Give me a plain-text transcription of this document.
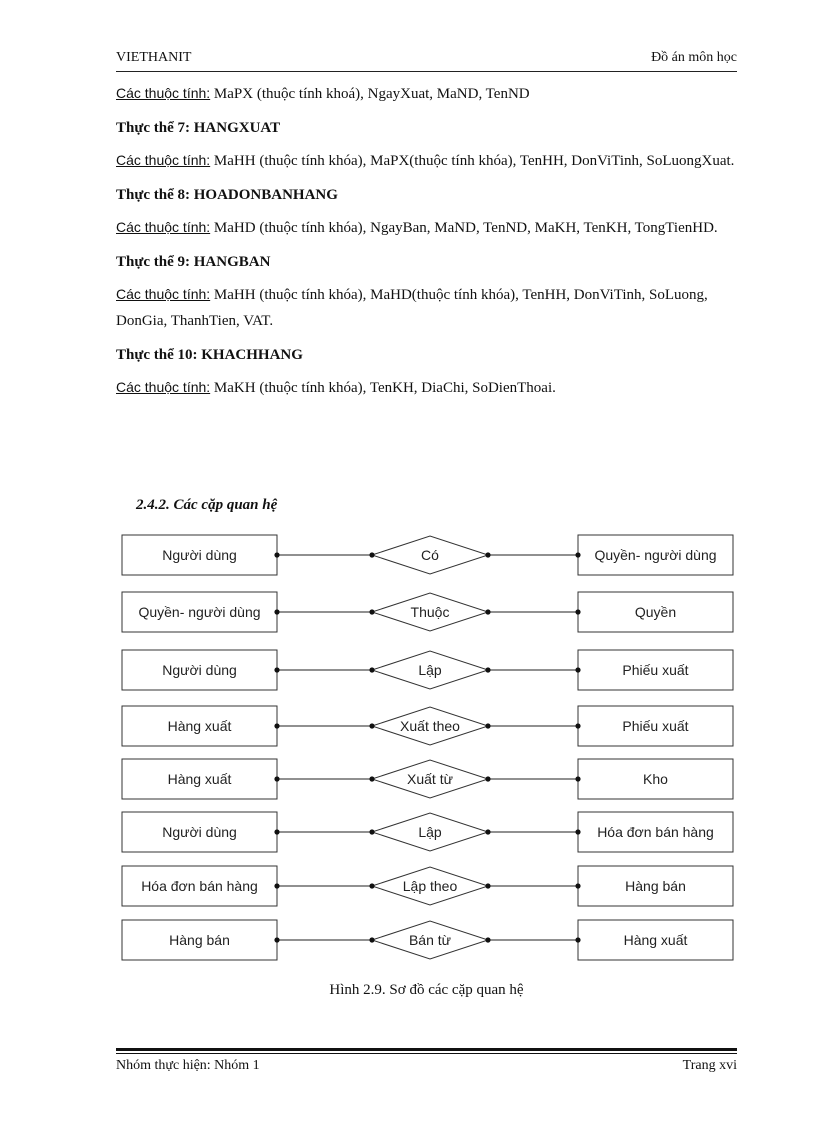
VIETHANIT	Đồ án môn học

Các thuộc tính: MaPX (thuộc tính khoá), NgayXuat, MaND, TenND

Thực thể 7: HANGXUAT

Các thuộc tính: MaHH (thuộc tính khóa), MaPX(thuộc tính khóa), TenHH, DonViTinh, SoLuongXuat.

Thực thể 8: HOADONBANHANG

Các thuộc tính: MaHD (thuộc tính khóa), NgayBan, MaND, TenND, MaKH, TenKH, TongTienHD.

Thực thể 9: HANGBAN

Các thuộc tính: MaHH (thuộc tính khóa), MaHD(thuộc tính khóa), TenHH, DonViTinh, SoLuong, DonGia, ThanhTien, VAT.

Thực thể 10: KHACHHANG

Các thuộc tính: MaKH (thuộc tính khóa), TenKH, DiaChi, SoDienThoai.

2.4.2. Các cặp quan hệ
Người dùng	Quyền- người dùng
Có
Quyền- người dùng	Quyền
Thuộc
Người dùng	Phiếu xuất
Lập
Hàng xuất	Phiếu xuất
Xuất theo
Hàng xuất	Kho
Xuất từ
Người dùng	Hóa đơn bán hàng
Lập
Hóa đơn bán hàng	Hàng bán
Lập theo
Hàng bán	Hàng xuất
Bán từ
Hình 2.9. Sơ đồ các cặp quan hệ
Nhóm thực hiện: Nhóm 1	Trang xvi
